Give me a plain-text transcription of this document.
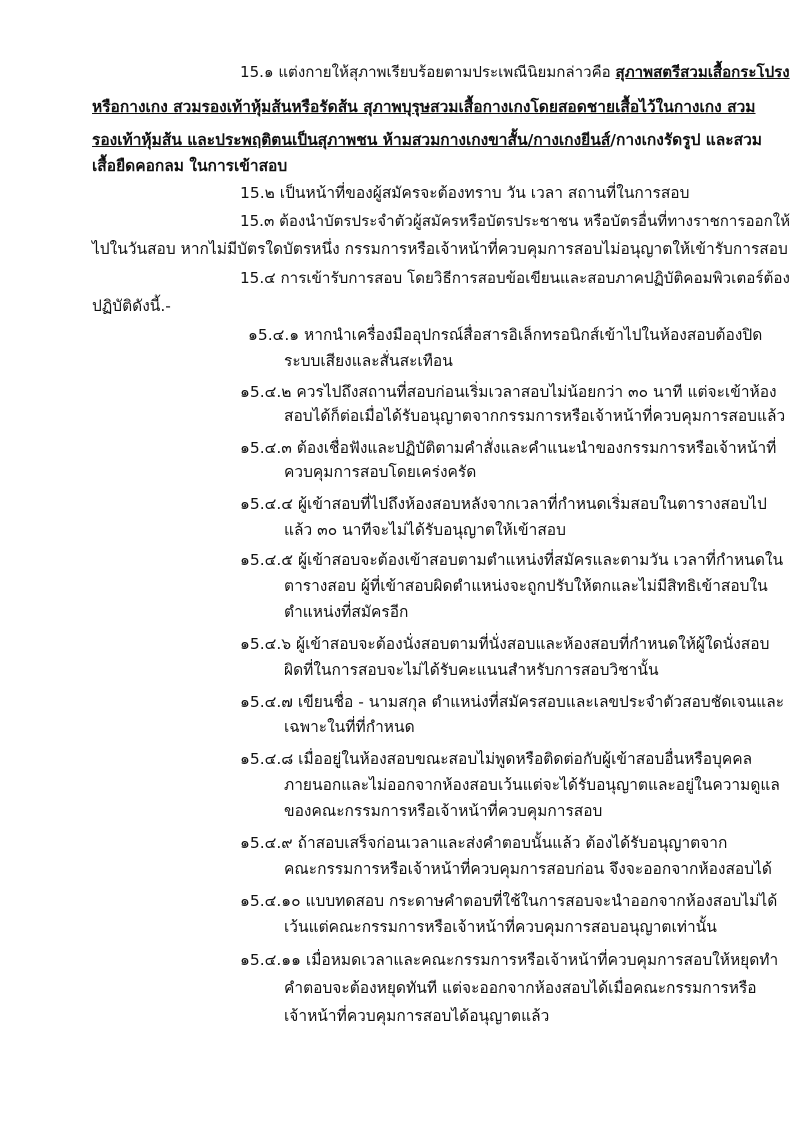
15.๑ แต่งกายให้สุภาพเรียบร้อยตามประเพณีนิยมกล่าวคือ สุภาพสตรีสวมเสื้อกระโปรง
หรือกางเกง สวมรองเท้าหุ้มส้นหรือรัดส้น สุภาพบุรุษสวมเสื้อกางเกงโดยสอดชายเสื้อไว้ในกางเกง สวม
รองเท้าหุ้มส้น และประพฤติตนเป็นสุภาพชน ห้ามสวมกางเกงขาสั้น/กางเกงยีนส์/กางเกงรัดรูป และสวม
เสื้อยืดคอกลม ในการเข้าสอบ
15.๒ เป็นหน้าที่ของผู้สมัครจะต้องทราบ วัน เวลา สถานที่ในการสอบ
15.๓ ต้องนำบัตรประจำตัวผู้สมัครหรือบัตรประชาชน หรือบัตรอื่นที่ทางราชการออกให้
ไปในวันสอบ หากไม่มีบัตรใดบัตรหนึ่ง กรรมการหรือเจ้าหน้าที่ควบคุมการสอบไม่อนุญาตให้เข้ารับการสอบ
15.๔ การเข้ารับการสอบ โดยวิธีการสอบข้อเขียนและสอบภาคปฏิบัติคอมพิวเตอร์ต้อง
ปฏิบัติดังนี้.-
๑5.๔.๑ หากนำเครื่องมืออุปกรณ์สื่อสารอิเล็กทรอนิกส์เข้าไปในห้องสอบต้องปิด
ระบบเสียงและสั่นสะเทือน
๑5.๔.๒ ควรไปถึงสถานที่สอบก่อนเริ่มเวลาสอบไม่น้อยกว่า ๓๐ นาที แต่จะเข้าห้อง
สอบได้ก็ต่อเมื่อได้รับอนุญาตจากกรรมการหรือเจ้าหน้าที่ควบคุมการสอบแล้ว
๑5.๔.๓ ต้องเชื่อฟังและปฏิบัติตามคำสั่งและคำแนะนำของกรรมการหรือเจ้าหน้าที่
ควบคุมการสอบโดยเคร่งครัด
๑5.๔.๔ ผู้เข้าสอบที่ไปถึงห้องสอบหลังจากเวลาที่กำหนดเริ่มสอบในตารางสอบไป
แล้ว ๓๐ นาทีจะไม่ได้รับอนุญาตให้เข้าสอบ
๑5.๔.๕ ผู้เข้าสอบจะต้องเข้าสอบตามตำแหน่งที่สมัครและตามวัน เวลาที่กำหนดใน
ตารางสอบ ผู้ที่เข้าสอบผิดตำแหน่งจะถูกปรับให้ตกและไม่มีสิทธิเข้าสอบใน
ตำแหน่งที่สมัครอีก
๑5.๔.๖ ผู้เข้าสอบจะต้องนั่งสอบตามที่นั่งสอบและห้องสอบที่กำหนดให้ผู้ใดนั่งสอบ
ผิดที่ในการสอบจะไม่ได้รับคะแนนสำหรับการสอบวิชานั้น
๑5.๔.๗ เขียนชื่อ - นามสกุล ตำแหน่งที่สมัครสอบและเลขประจำตัวสอบชัดเจนและ
เฉพาะในที่ที่กำหนด
๑5.๔.๘ เมื่ออยู่ในห้องสอบขณะสอบไม่พูดหรือติดต่อกับผู้เข้าสอบอื่นหรือบุคคล
ภายนอกและไม่ออกจากห้องสอบเว้นแต่จะได้รับอนุญาตและอยู่ในความดูแล
ของคณะกรรมการหรือเจ้าหน้าที่ควบคุมการสอบ
๑5.๔.๙ ถ้าสอบเสร็จก่อนเวลาและส่งคำตอบนั้นแล้ว ต้องได้รับอนุญาตจาก
คณะกรรมการหรือเจ้าหน้าที่ควบคุมการสอบก่อน จึงจะออกจากห้องสอบได้
๑5.๔.๑๐ แบบทดสอบ กระดาษคำตอบที่ใช้ในการสอบจะนำออกจากห้องสอบไม่ได้
เว้นแต่คณะกรรมการหรือเจ้าหน้าที่ควบคุมการสอบอนุญาตเท่านั้น
๑5.๔.๑๑ เมื่อหมดเวลาและคณะกรรมการหรือเจ้าหน้าที่ควบคุมการสอบให้หยุดทำ
คำตอบจะต้องหยุดทันที แต่จะออกจากห้องสอบได้เมื่อคณะกรรมการหรือ
เจ้าหน้าที่ควบคุมการสอบได้อนุญาตแล้ว
